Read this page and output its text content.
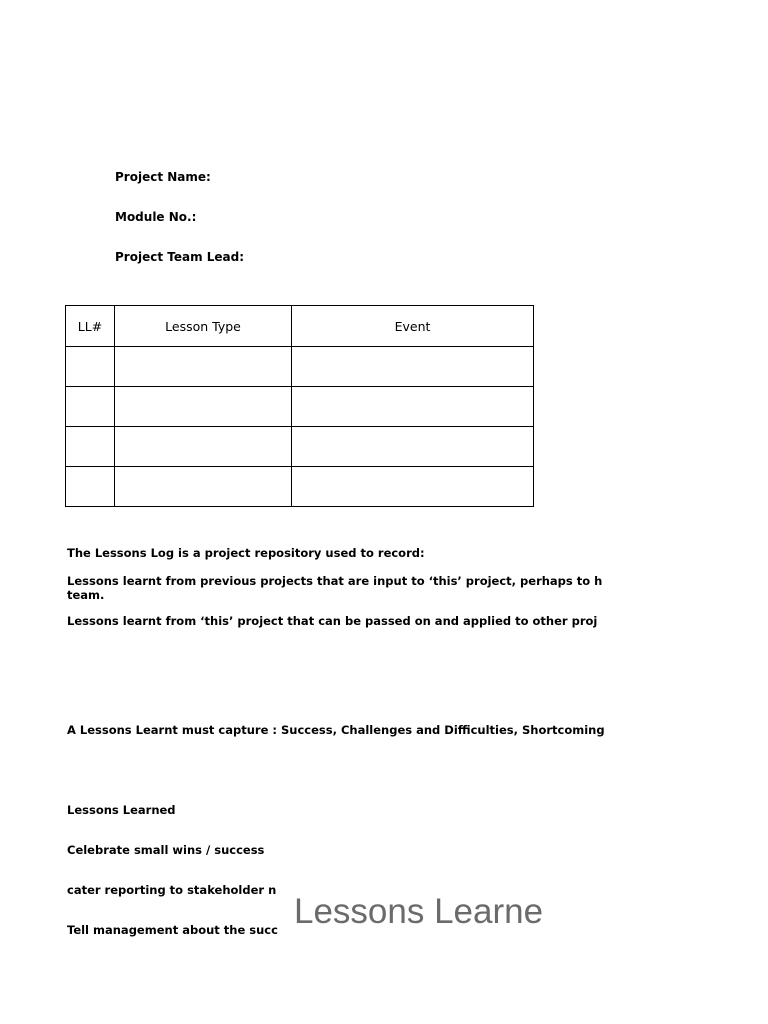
Project Name:
Module No.:
Project Team Lead:
LL#	Lesson Type	Event

The Lessons Log is a project repository used to record:
Lessons learnt from previous projects that are input to ‘this’ project, perhaps to h
team.
Lessons learnt from ‘this’ project that can be passed on and applied to other proj
A Lessons Learnt must capture : Success, Challenges and Difficulties, Shortcoming
Lessons Learned
Celebrate small wins / success
cater reporting to stakeholder n
Tell management about the succ Lessons Learne
